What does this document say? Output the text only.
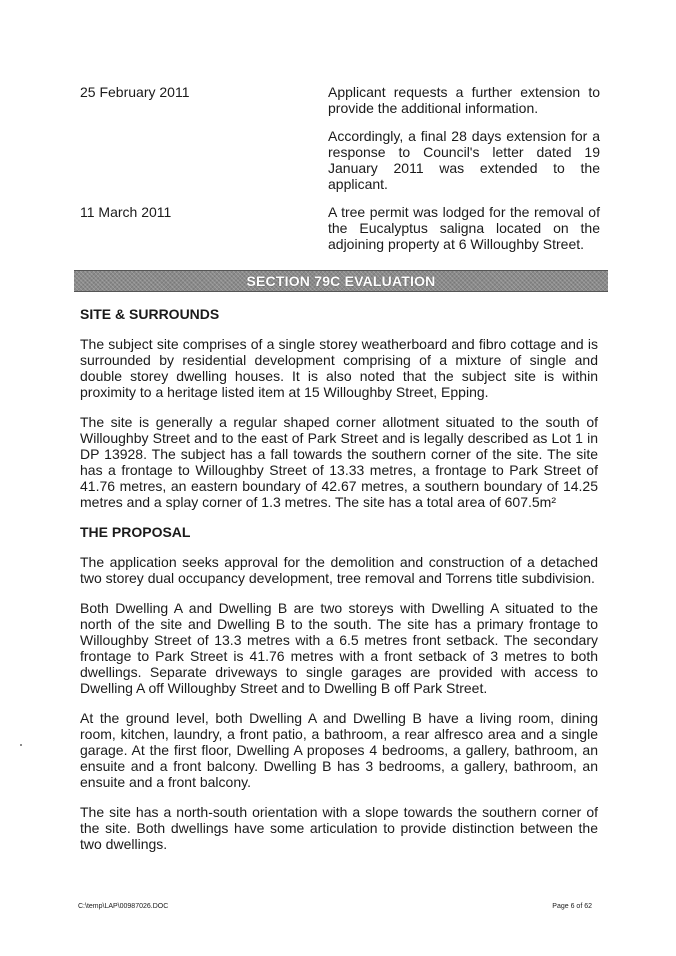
25 February 2011	Applicant requests a further extension to provide the additional information.

Accordingly, a final 28 days extension for a response to Council's letter dated 19 January 2011 was extended to the applicant.

11 March 2011	A tree permit was lodged for the removal of the Eucalyptus saligna located on the adjoining property at 6 Willoughby Street.

SECTION 79C EVALUATION
SITE & SURROUNDS

The subject site comprises of a single storey weatherboard and fibro cottage and is surrounded by residential development comprising of a mixture of single and double storey dwelling houses. It is also noted that the subject site is within proximity to a heritage listed item at 15 Willoughby Street, Epping.

The site is generally a regular shaped corner allotment situated to the south of Willoughby Street and to the east of Park Street and is legally described as Lot 1 in DP 13928. The subject has a fall towards the southern corner of the site. The site has a frontage to Willoughby Street of 13.33 metres, a frontage to Park Street of 41.76 metres, an eastern boundary of 42.67 metres, a southern boundary of 14.25 metres and a splay corner of 1.3 metres. The site has a total area of 607.5m²

THE PROPOSAL

The application seeks approval for the demolition and construction of a detached two storey dual occupancy development, tree removal and Torrens title subdivision.

Both Dwelling A and Dwelling B are two storeys with Dwelling A situated to the north of the site and Dwelling B to the south. The site has a primary frontage to Willoughby Street of 13.3 metres with a 6.5 metres front setback. The secondary frontage to Park Street is 41.76 metres with a front setback of 3 metres to both dwellings. Separate driveways to single garages are provided with access to Dwelling A off Willoughby Street and to Dwelling B off Park Street.

At the ground level, both Dwelling A and Dwelling B have a living room, dining room, kitchen, laundry, a front patio, a bathroom, a rear alfresco area and a single garage. At the first floor, Dwelling A proposes 4 bedrooms, a gallery, bathroom, an ensuite and a front balcony. Dwelling B has 3 bedrooms, a gallery, bathroom, an ensuite and a front balcony.

The site has a north-south orientation with a slope towards the southern corner of the site. Both dwellings have some articulation to provide distinction between the two dwellings.

C:\temp\LAP\00987026.DOC	Page 6 of 62
